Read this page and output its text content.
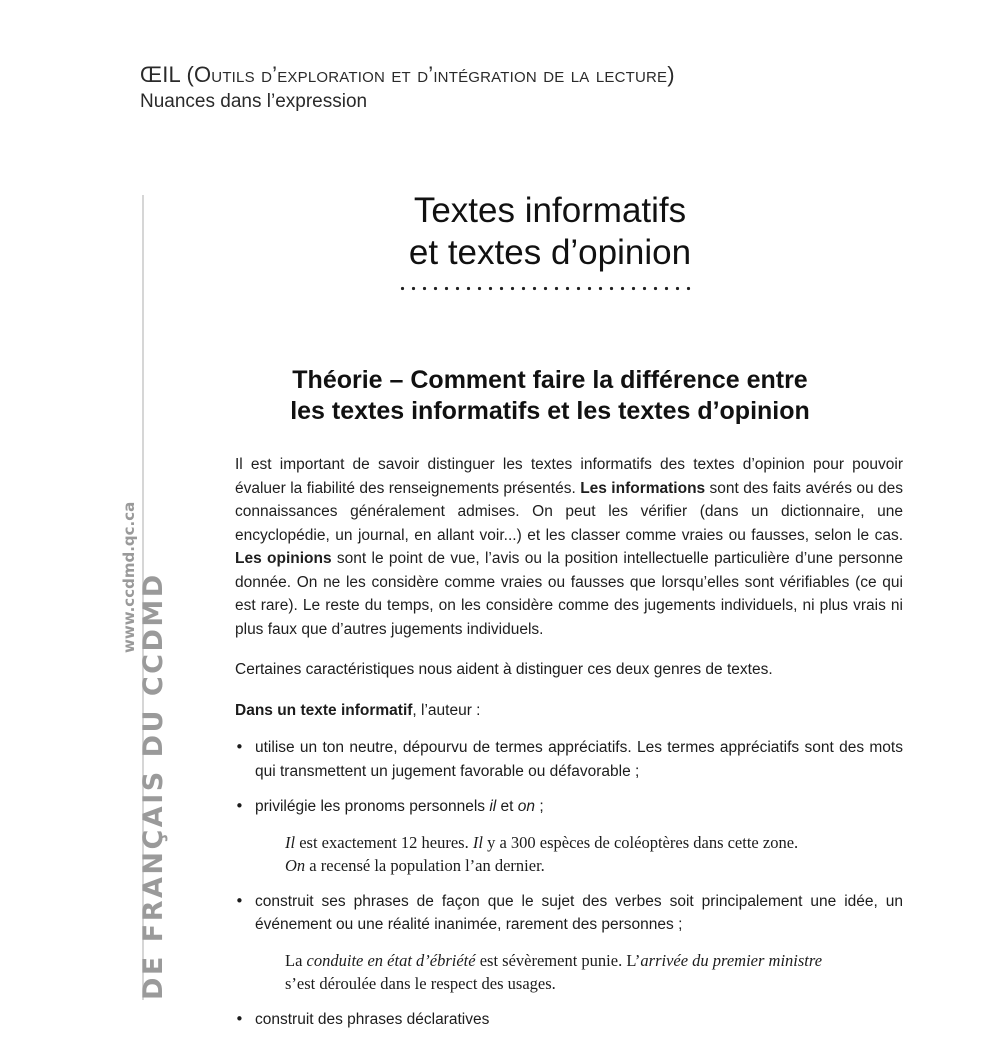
ŒIL (Outils d’exploration et d’intégration de la lecture)
Nuances dans l’expression
www.ccdmd.qc.ca DE FRANÇAIS DU CCDMD
Textes informatifs
et textes d’opinion
Théorie – Comment faire la différence entre
les textes informatifs et les textes d’opinion

Il est important de savoir distinguer les textes informatifs des textes d’opinion pour pouvoir évaluer la fiabilité des renseignements présentés. Les informations sont des faits avérés ou des connaissances généralement admises. On peut les vérifier (dans un dictionnaire, une encyclopédie, un journal, en allant voir...) et les classer comme vraies ou fausses, selon le cas. Les opinions sont le point de vue, l’avis ou la position intellectuelle particulière d’une personne donnée. On ne les considère comme vraies ou fausses que lorsqu’elles sont vérifiables (ce qui est rare). Le reste du temps, on les considère comme des jugements individuels, ni plus vrais ni plus faux que d’autres jugements individuels.

Certaines caractéristiques nous aident à distinguer ces deux genres de textes.

Dans un texte informatif, l’auteur :

• utilise un ton neutre, dépourvu de termes appréciatifs. Les termes appréciatifs sont des mots qui transmettent un jugement favorable ou défavorable ;
• privilégie les pronoms personnels il et on ;
Il est exactement 12 heures. Il y a 300 espèces de coléoptères dans cette zone.
On a recensé la population l’an dernier.
• construit ses phrases de façon que le sujet des verbes soit principalement une idée, un événement ou une réalité inanimée, rarement des personnes ;
La conduite en état d’ébriété est sévèrement punie. L’arrivée du premier ministre
s’est déroulée dans le respect des usages.
• construit des phrases déclaratives
